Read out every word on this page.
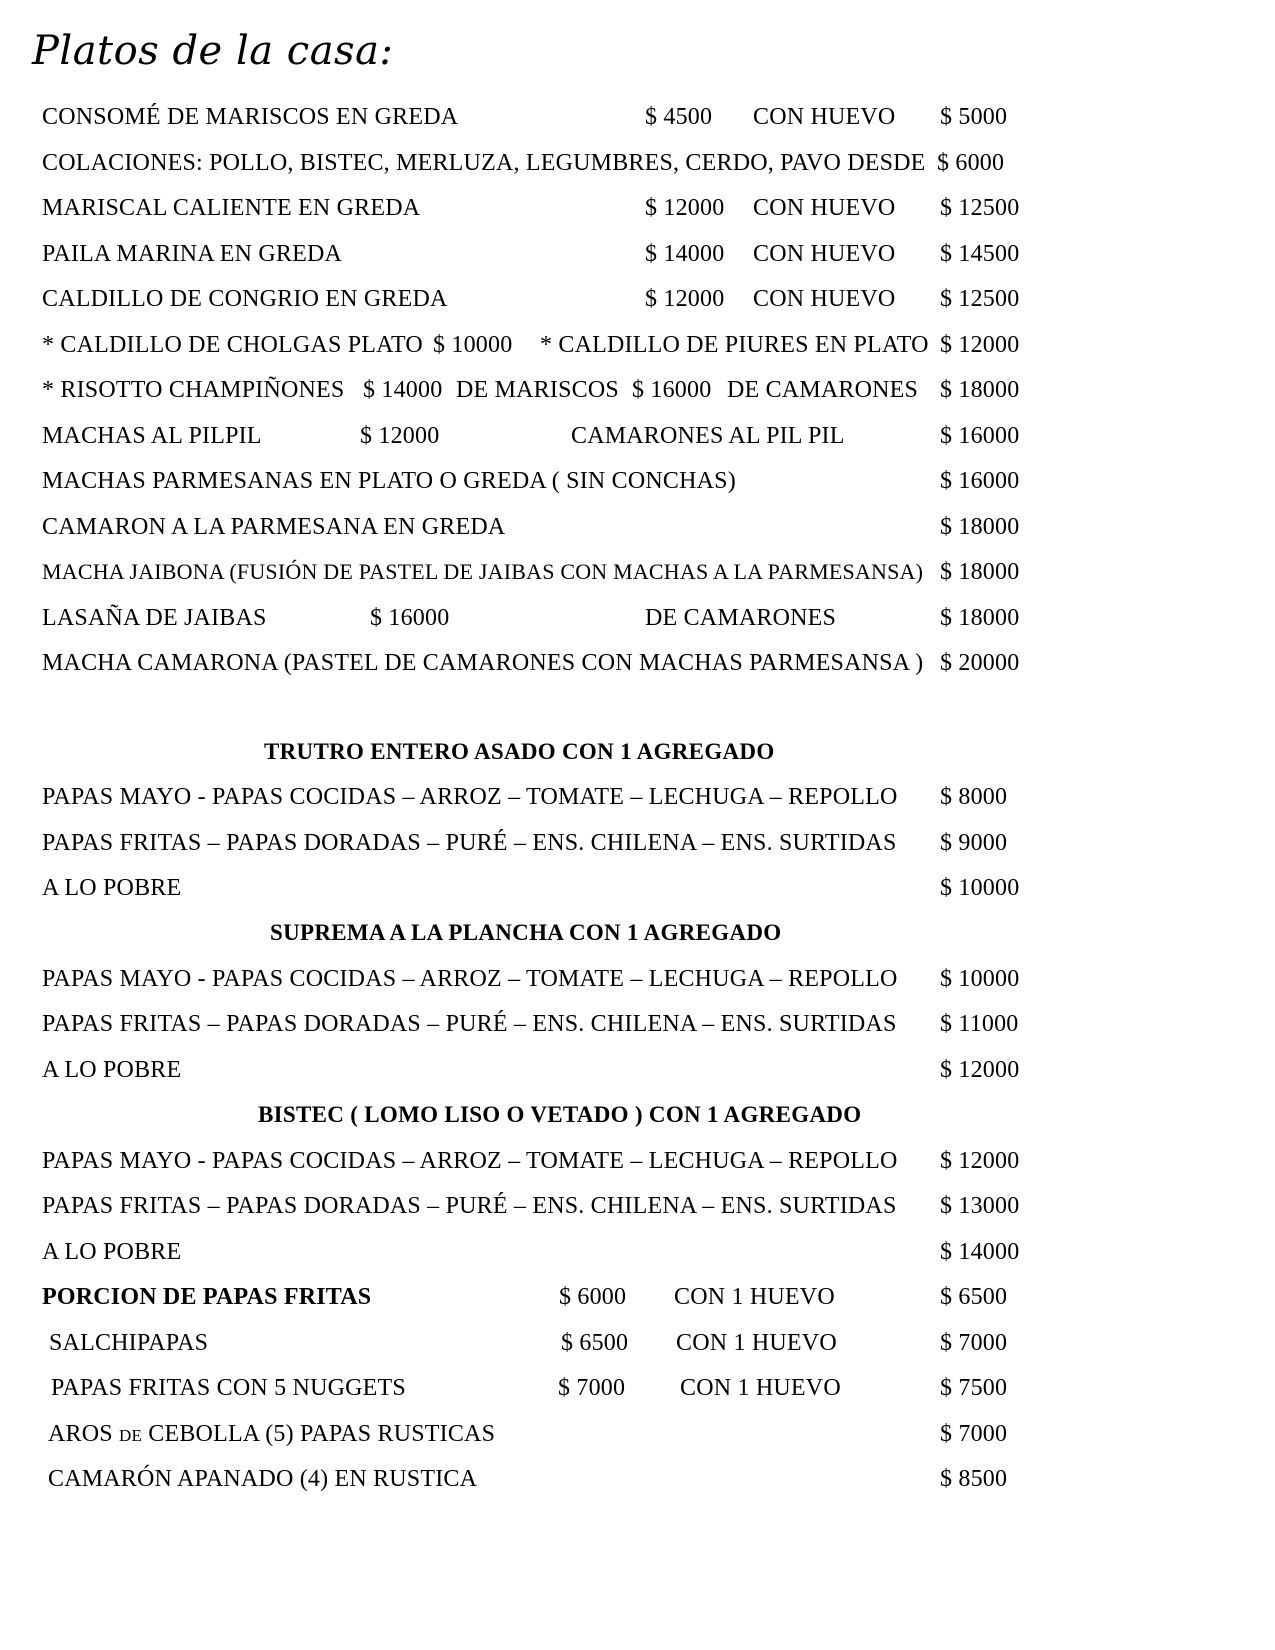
Platos de la casa:
CONSOMÉ DE MARISCOS EN GREDA	$ 4500 CON HUEVO $ 5000
COLACIONES: POLLO, BISTEC, MERLUZA, LEGUMBRES, CERDO, PAVO DESDE $ 6000
MARISCAL CALIENTE EN GREDA	$ 12000 CON HUEVO $ 12500
PAILA MARINA EN GREDA	$ 14000 CON HUEVO $ 14500
CALDILLO DE CONGRIO EN GREDA	$ 12000 CON HUEVO $ 12500
* CALDILLO DE CHOLGAS PLATO $ 10000 * CALDILLO DE PIURES EN PLATO $ 12000
* RISOTTO CHAMPIÑONES $ 14000 DE MARISCOS $ 16000 DE CAMARONES $ 18000
MACHAS AL PILPIL	$ 12000	CAMARONES AL PIL PIL	$ 16000
MACHAS PARMESANAS EN PLATO O GREDA ( SIN CONCHAS)	$ 16000
CAMARON A LA PARMESANA EN GREDA	$ 18000
MACHA JAIBONA (FUSIÓN DE PASTEL DE JAIBAS CON MACHAS A LA PARMESANSA) $ 18000
LASAÑA DE JAIBAS	$ 16000	DE CAMARONES	$ 18000
MACHA CAMARONA (PASTEL DE CAMARONES CON MACHAS PARMESANSA ) $ 20000
TRUTRO ENTERO ASADO CON 1 AGREGADO
PAPAS MAYO - PAPAS COCIDAS – ARROZ – TOMATE – LECHUGA – REPOLLO $ 8000
PAPAS FRITAS – PAPAS DORADAS – PURÉ – ENS. CHILENA – ENS. SURTIDAS $ 9000
A LO POBRE	$ 10000
SUPREMA A LA PLANCHA CON 1 AGREGADO
PAPAS MAYO - PAPAS COCIDAS – ARROZ – TOMATE – LECHUGA – REPOLLO $ 10000
PAPAS FRITAS – PAPAS DORADAS – PURÉ – ENS. CHILENA – ENS. SURTIDAS $ 11000
A LO POBRE	$ 12000
BISTEC ( LOMO LISO O VETADO ) CON 1 AGREGADO
PAPAS MAYO - PAPAS COCIDAS – ARROZ – TOMATE – LECHUGA – REPOLLO $ 12000
PAPAS FRITAS – PAPAS DORADAS – PURÉ – ENS. CHILENA – ENS. SURTIDAS $ 13000
A LO POBRE	$ 14000
PORCION DE PAPAS FRITAS	$ 6000 CON 1 HUEVO	$ 6500
SALCHIPAPAS	$ 6500 CON 1 HUEVO	$ 7000
PAPAS FRITAS CON 5 NUGGETS	$ 7000 CON 1 HUEVO	$ 7500
AROS de CEBOLLA (5) PAPAS RUSTICAS	$ 7000
CAMARÓN APANADO (4) EN RUSTICA	$ 8500
